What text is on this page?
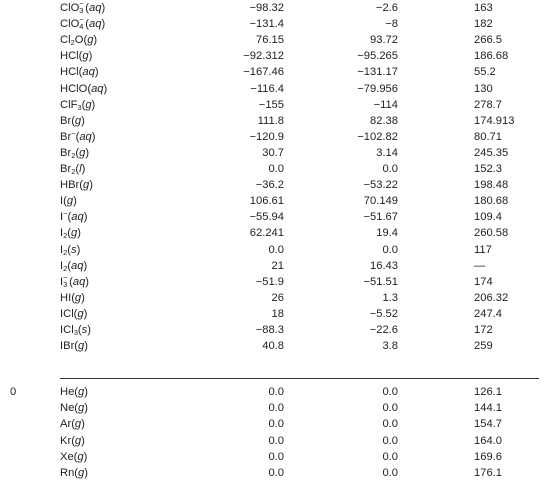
ClO −
3 (aq)	−98.32	−2.6	163
ClO −
4 (aq)	−131.4	−8	182
$Cl_2O(g)$	76.15	93.72	266.5
HCl(g)	−92.312	−95.265	186.68
HCl(aq)	−167.46	−131.17	55.2
HClO(aq)	−116.4	−79.956	130
ClF$_3$(g)	−155	−114	278.7
Br(g)	111.8	82.38	174.913
Br−(aq)	−120.9	−102.82	80.71
$Br_2(g)$	30.7	3.14	245.35
$Br_2(l)$	0.0	0.0	152.3
HBr(g)	−36.2	−53.22	198.48
I(g)	106.61	70.149	180.68
I−(aq)	−55.94	−51.67	109.4
$I_2(g)$	62.241	19.4	260.58
$I_2(s)$	0.0	0.0	117
$I_2(aq)$	21	16.43	—
I −
3 (aq)	−51.9	−51.51	174
HI(g)	26	1.3	206.32
ICl(g)	18	−5.52	247.4
ICl$_3$(s)	−88.3	−22.6	172
IBr(g)	40.8	3.8	259
0	He(g)	0.0	0.0	126.1
Ne(g)	0.0	0.0	144.1
Ar(g)	0.0	0.0	154.7
Kr(g)	0.0	0.0	164.0
Xe(g)	0.0	0.0	169.6
Rn(g)	0.0	0.0	176.1
